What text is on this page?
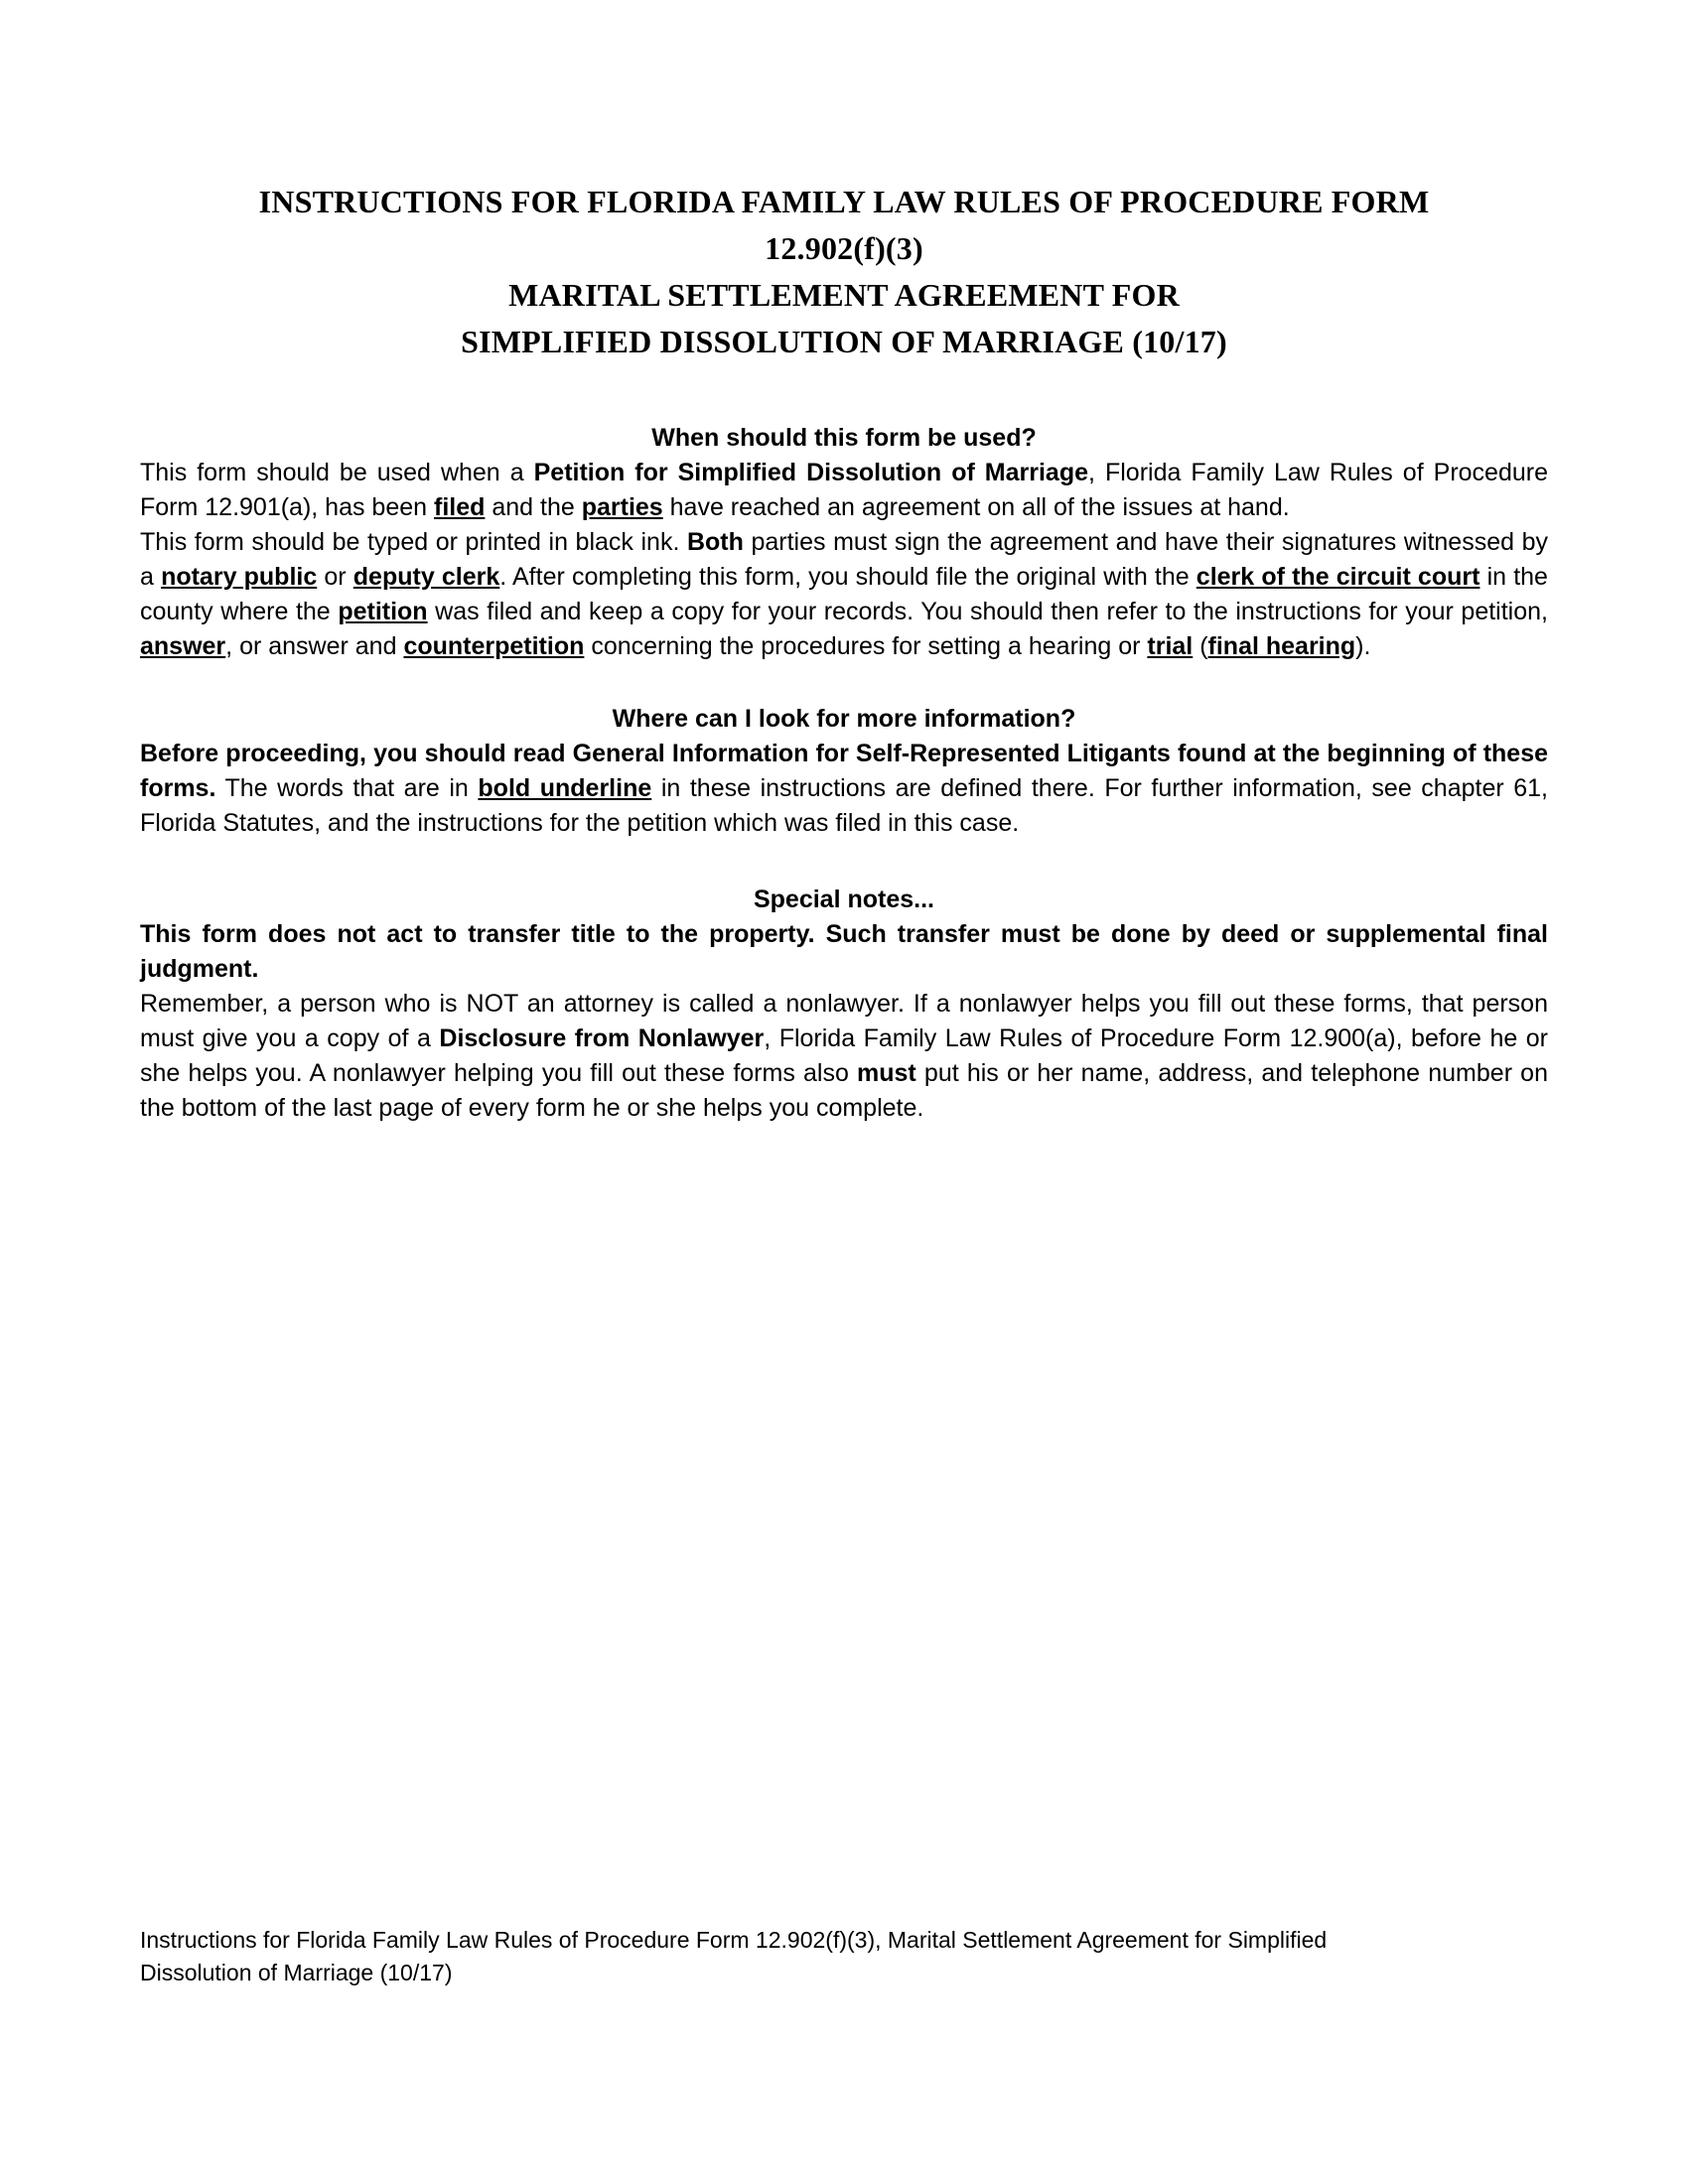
INSTRUCTIONS FOR FLORIDA FAMILY LAW RULES OF PROCEDURE FORM
12.902(f)(3)
MARITAL SETTLEMENT AGREEMENT FOR
SIMPLIFIED DISSOLUTION OF MARRIAGE (10/17)
When should this form be used?

This form should be used when a Petition for Simplified Dissolution of Marriage, Florida Family Law Rules of Procedure Form 12.901(a), has been filed and the parties have reached an agreement on all of the issues at hand.

This form should be typed or printed in black ink. Both parties must sign the agreement and have their signatures witnessed by a notary public or deputy clerk. After completing this form, you should file the original with the clerk of the circuit court in the county where the petition was filed and keep a copy for your records. You should then refer to the instructions for your petition, answer, or answer and counterpetition concerning the procedures for setting a hearing or trial (final hearing).

Where can I look for more information?

Before proceeding, you should read General Information for Self-Represented Litigants found at the beginning of these forms. The words that are in bold underline in these instructions are defined there. For further information, see chapter 61, Florida Statutes, and the instructions for the petition which was filed in this case.

Special notes...

This form does not act to transfer title to the property. Such transfer must be done by deed or supplemental final judgment.

Remember, a person who is NOT an attorney is called a nonlawyer. If a nonlawyer helps you fill out these forms, that person must give you a copy of a Disclosure from Nonlawyer, Florida Family Law Rules of Procedure Form 12.900(a), before he or she helps you. A nonlawyer helping you fill out these forms also must put his or her name, address, and telephone number on the bottom of the last page of every form he or she helps you complete.

Instructions for Florida Family Law Rules of Procedure Form 12.902(f)(3), Marital Settlement Agreement for Simplified Dissolution of Marriage (10/17)
